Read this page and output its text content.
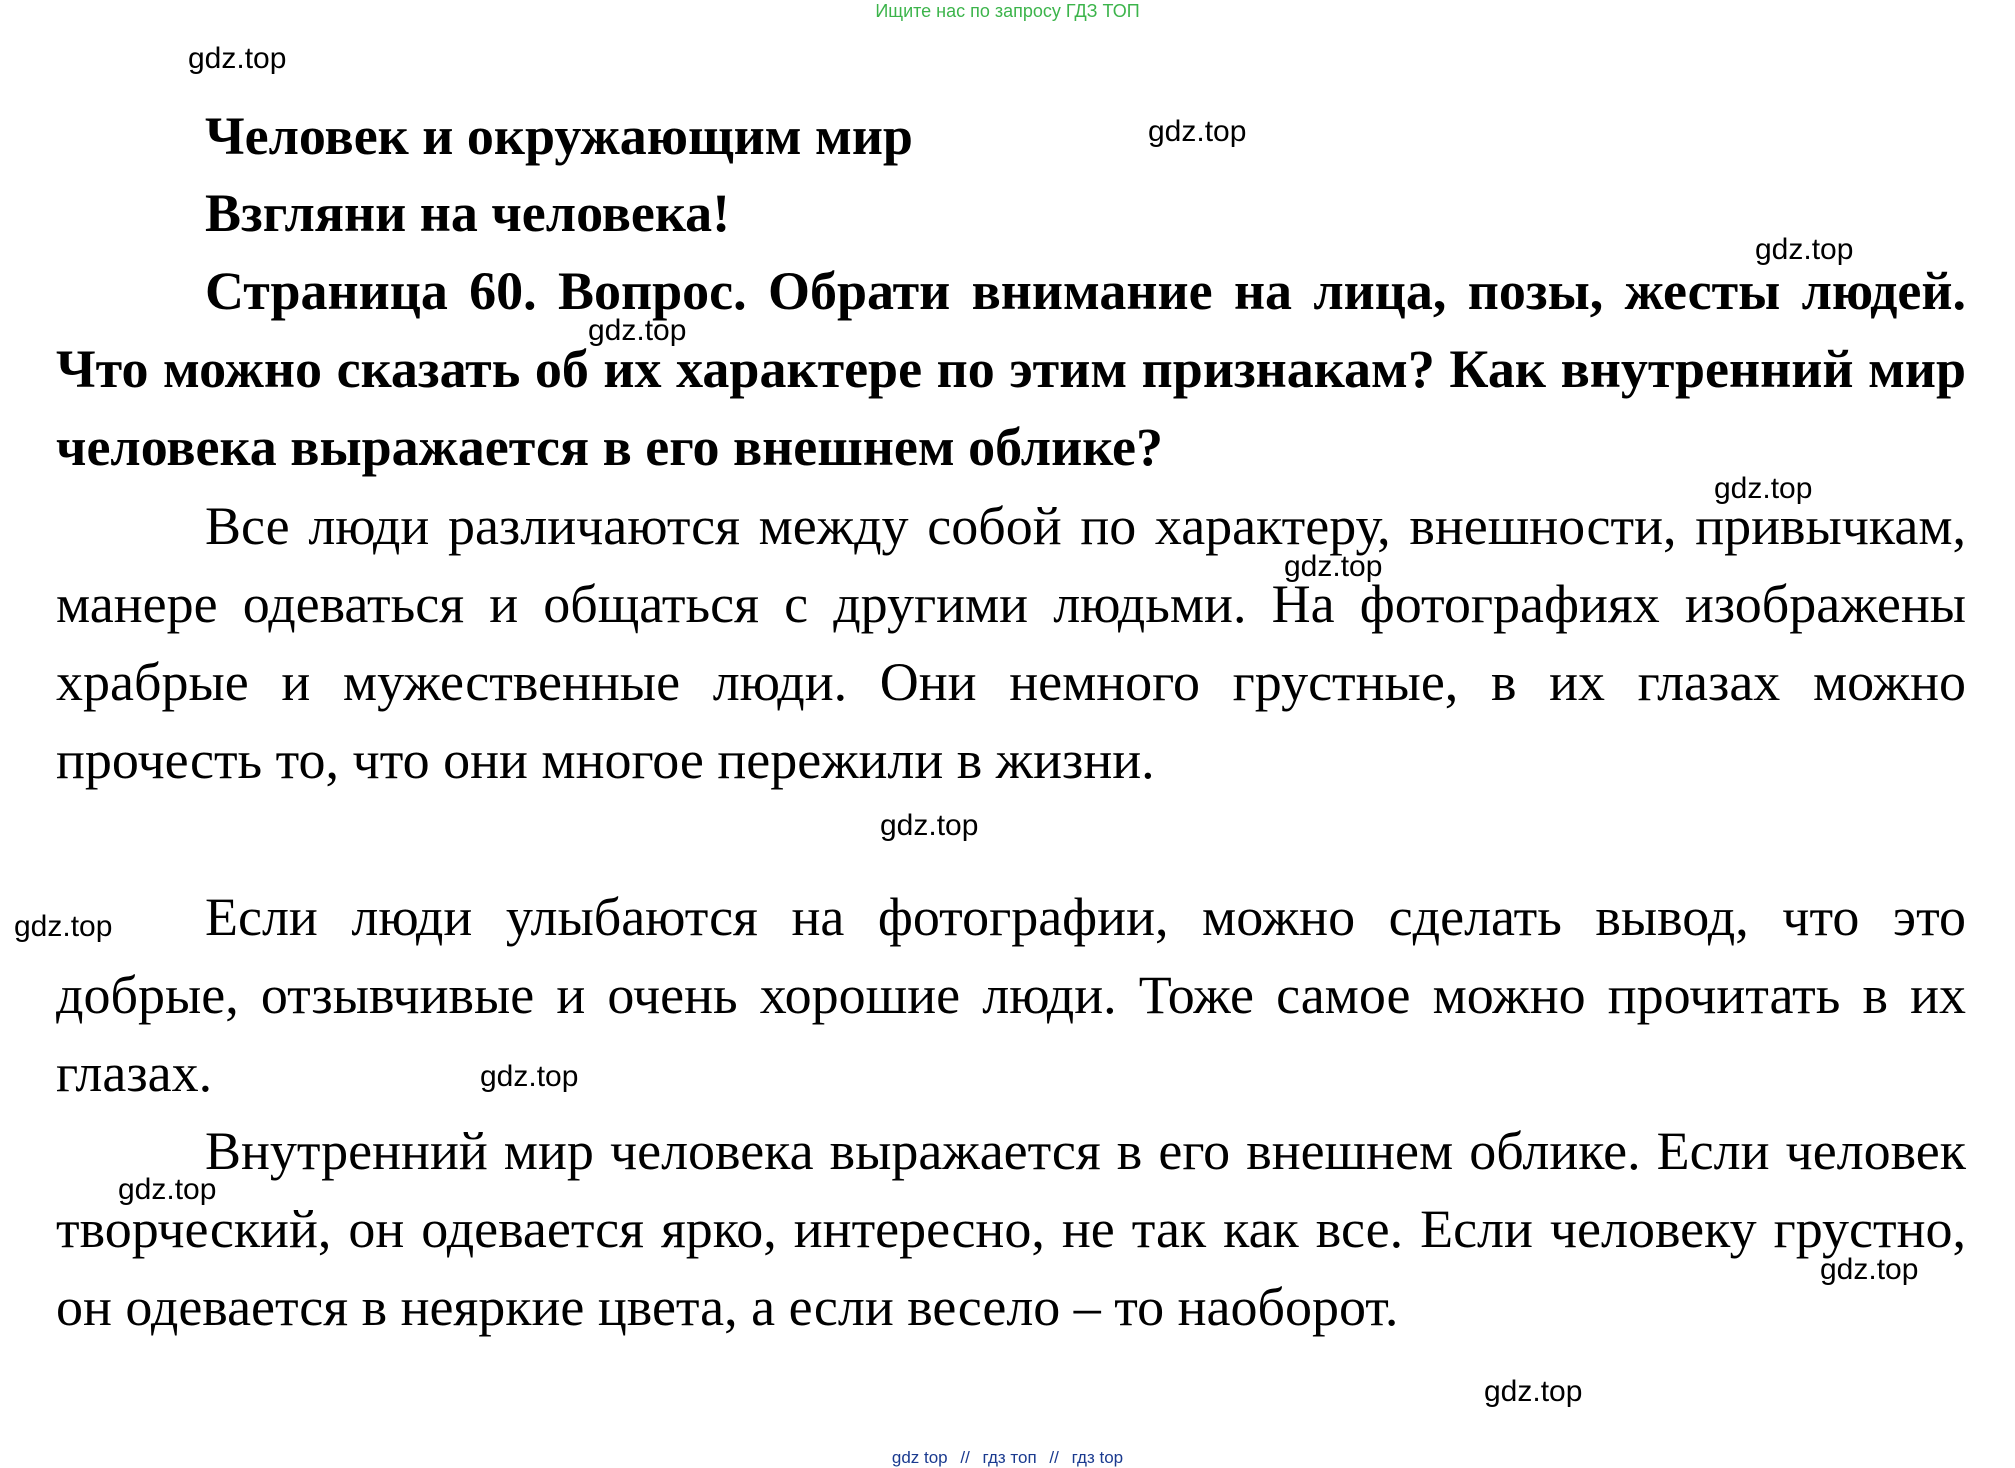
Ищите нас по запросу ГДЗ ТОП
Человек и окружающим мир
Взгляни на человека!

Страница 60. Вопрос. Обрати внимание на лица, позы, жесты людей. Что можно сказать об их характере по этим признакам? Как внутренний мир человека выражается в его внешнем облике?

Все люди различаются между собой по характеру, внешности, привычкам, манере одеваться и общаться с другими людьми. На фотографиях изображены храбрые и мужественные люди. Они немного грустные, в их глазах можно прочесть то, что они многое пережили в жизни.

Если люди улыбаются на фотографии, можно сделать вывод, что это добрые, отзывчивые и очень хорошие люди. Тоже самое можно прочитать в их глазах.

Внутренний мир человека выражается в его внешнем облике. Если человек творческий, он одевается ярко, интересно, не так как все. Если человеку грустно, он одевается в неяркие цвета, а если весело – то наоборот.

gdz.top
gdz.top
gdz.top
gdz.top
gdz.top
gdz.top
gdz.top
gdz.top
gdz.top
gdz.top
gdz.top
gdz.top
gdz top // гдз топ // гдз top
